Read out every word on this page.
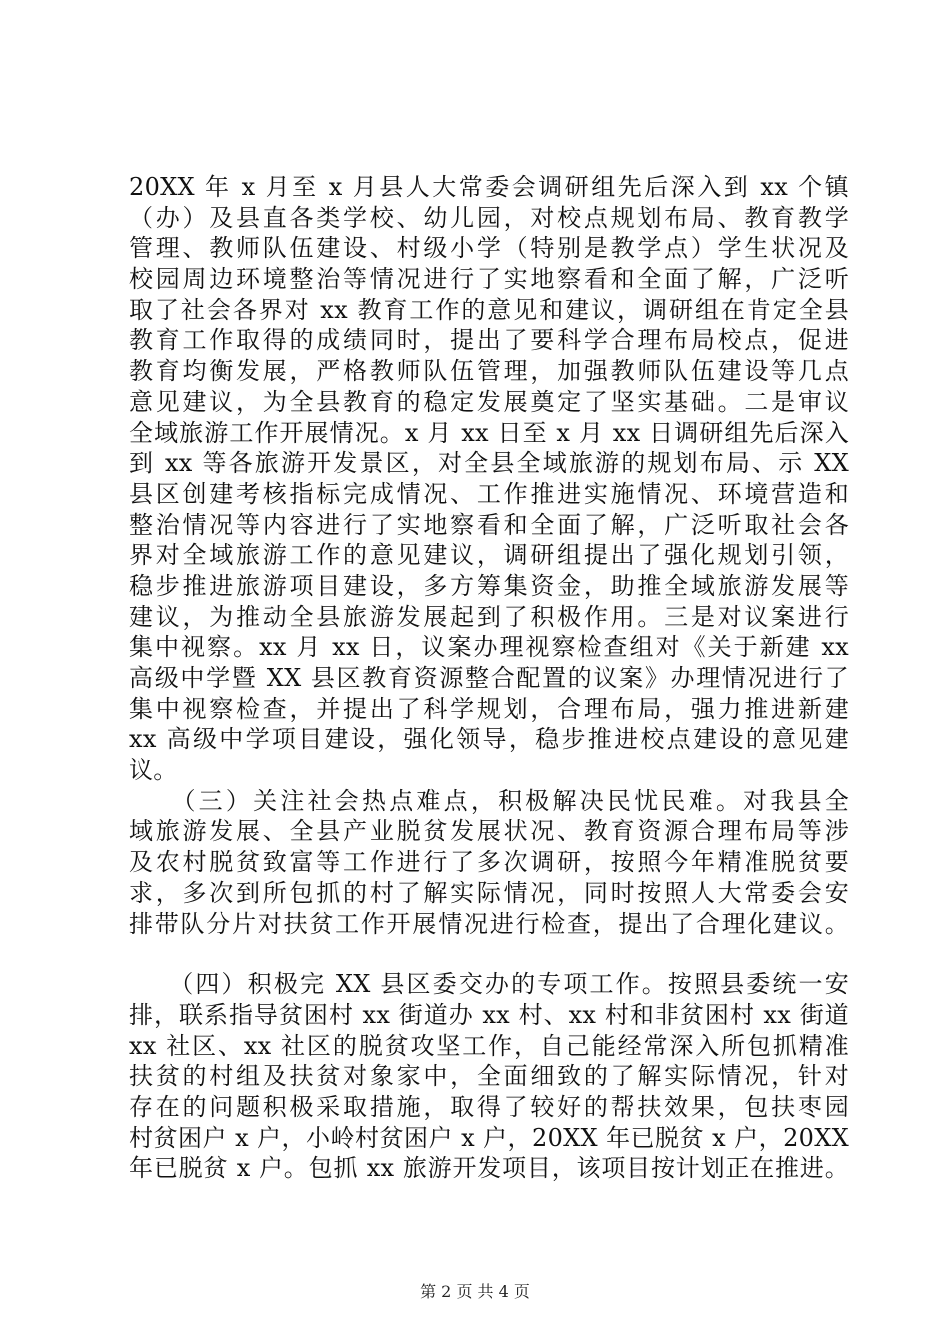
20XX 年 x 月至 x 月县人大常委会调研组先后深入到 xx 个镇
（办）及县直各类学校、幼儿园，对校点规划布局、教育教学
管理、教师队伍建设、村级小学（特别是教学点）学生状况及
校园周边环境整治等情况进行了实地察看和全面了解，广泛听
取了社会各界对 xx 教育工作的意见和建议，调研组在肯定全县
教育工作取得的成绩同时，提出了要科学合理布局校点，促进
教育均衡发展，严格教师队伍管理，加强教师队伍建设等几点
意见建议，为全县教育的稳定发展奠定了坚实基础。二是审议
全域旅游工作开展情况。x 月 xx 日至 x 月 xx 日调研组先后深入
到 xx 等各旅游开发景区，对全县全域旅游的规划布局、示 XX
县区创建考核指标完成情况、工作推进实施情况、环境营造和
整治情况等内容进行了实地察看和全面了解，广泛听取社会各
界对全域旅游工作的意见建议，调研组提出了强化规划引领，
稳步推进旅游项目建设，多方筹集资金，助推全域旅游发展等
建议，为推动全县旅游发展起到了积极作用。三是对议案进行
集中视察。xx 月 xx 日，议案办理视察检查组对《关于新建 xx
高级中学暨 XX 县区教育资源整合配置的议案》办理情况进行了
集中视察检查，并提出了科学规划，合理布局，强力推进新建
xx 高级中学项目建设，强化领导，稳步推进校点建设的意见建
议。
　　（三）关注社会热点难点，积极解决民忧民难。对我县全
域旅游发展、全县产业脱贫发展状况、教育资源合理布局等涉
及农村脱贫致富等工作进行了多次调研，按照今年精准脱贫要
求，多次到所包抓的村了解实际情况，同时按照人大常委会安
排带队分片对扶贫工作开展情况进行检查，提出了合理化建议。
　　（四）积极完 XX 县区委交办的专项工作。按照县委统一安
排，联系指导贫困村 xx 街道办 xx 村、xx 村和非贫困村 xx 街道
xx 社区、xx 社区的脱贫攻坚工作，自己能经常深入所包抓精准
扶贫的村组及扶贫对象家中，全面细致的了解实际情况，针对
存在的问题积极采取措施，取得了较好的帮扶效果，包扶枣园
村贫困户 x 户，小岭村贫困户 x 户，20XX 年已脱贫 x 户，20XX
年已脱贫 x 户。包抓 xx 旅游开发项目，该项目按计划正在推进。
第 2 页 共 4 页
